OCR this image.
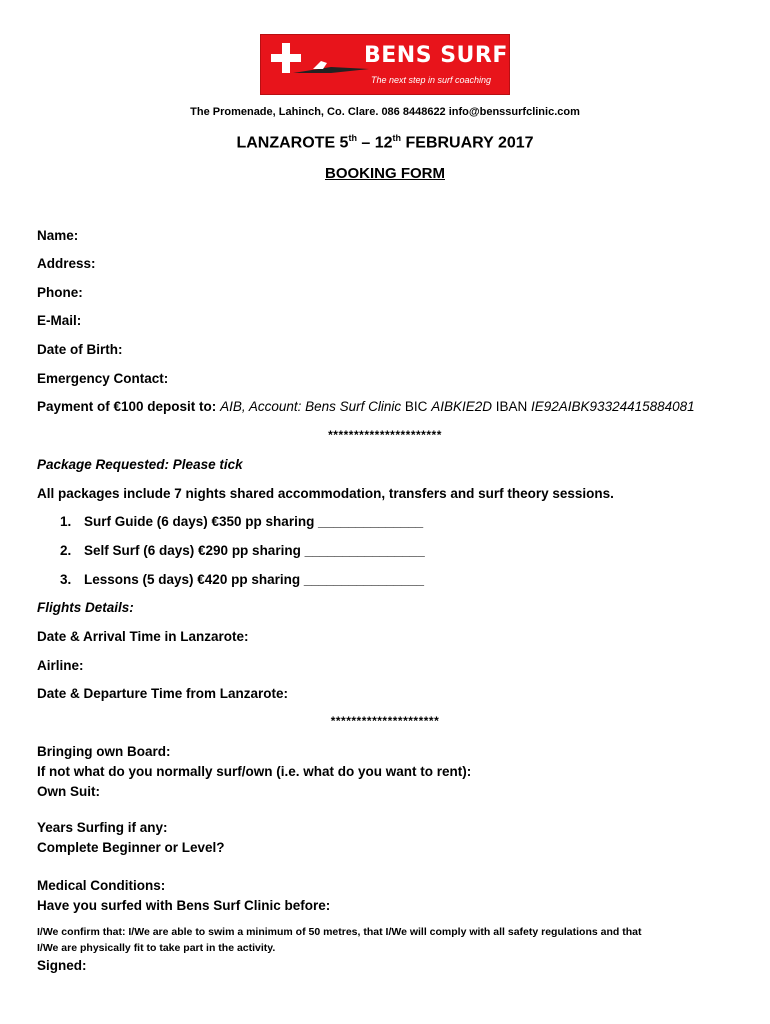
BENS SURF CLINIC
The next step in surf coaching
The Promenade, Lahinch, Co. Clare. 086 8448622 info@benssurfclinic.com
LANZAROTE 5th – 12th FEBRUARY 2017
BOOKING FORM
Name:
Address:
Phone:
E-Mail:
Date of Birth:
Emergency Contact:
Payment of €100 deposit to: AIB, Account: Bens Surf Clinic BIC AIBKIE2D IBAN IE92AIBK93324415884081
**********************
Package Requested: Please tick
All packages include 7 nights shared accommodation, transfers and surf theory sessions.
1. Surf Guide (6 days) €350 pp sharing ______________
2. Self Surf (6 days) €290 pp sharing ________________
3. Lessons (5 days) €420 pp sharing ________________
Flights Details:
Date & Arrival Time in Lanzarote:
Airline:
Date & Departure Time from Lanzarote:
*********************
Bringing own Board:
If not what do you normally surf/own (i.e. what do you want to rent):
Own Suit:
Years Surfing if any:
Complete Beginner or Level?
Medical Conditions:
Have you surfed with Bens Surf Clinic before:
I/We confirm that: I/We are able to swim a minimum of 50 metres, that I/We will comply with all safety regulations and that
I/We are physically fit to take part in the activity.
Signed:
